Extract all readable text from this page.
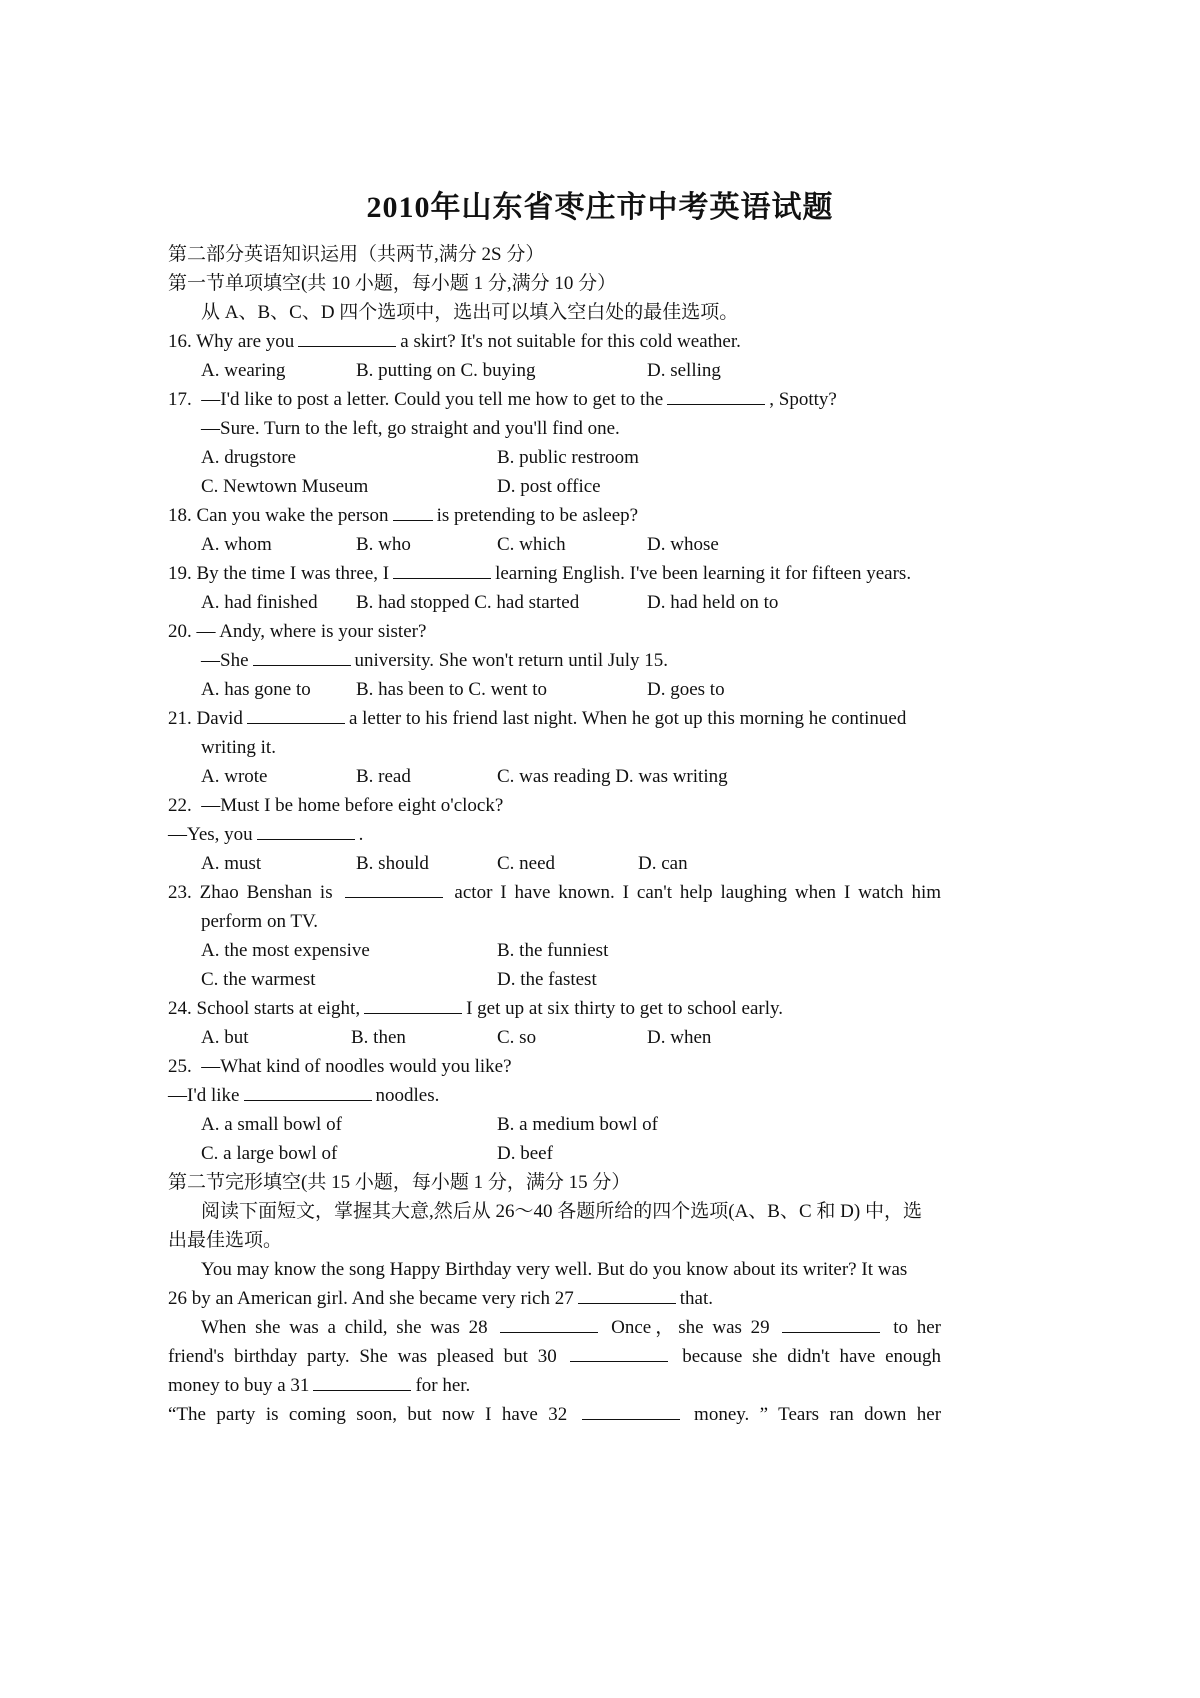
2010年山东省枣庄市中考英语试题
第二部分英语知识运用（共两节,满分 2S 分）
第一节单项填空(共 10 小题，每小题 1 分,满分 10 分）
从 A、B、C、D 四个选项中，选出可以填入空白处的最佳选项。
16. Why are you	a skirt? It's not suitable for this cold weather.
A. wearing	B. putting on C. buying	D. selling
17.  —I'd like to post a letter. Could you tell me how to get to the	, Spotty?
—Sure. Turn to the left, go straight and you'll find one.
A. drugstore	B. public restroom
C. Newtown Museum	D. post office
18. Can you wake the person	is pretending to be asleep?
A. whom	B. who	C. which	D. whose
19. By the time I was three, I	learning English. I've been learning it for fifteen years.
A. had finished B. had stopped C. had started	D. had held on to
20. — Andy, where is your sister?
—She	university. She won't return until July 15.
A. has gone to B. has been to C. went to	D. goes to
21. David	a letter to his friend last night. When he got up this morning he continued
writing it.
A. wrote	B. read	C. was reading D. was writing
22.  —Must I be home before eight o'clock?
—Yes, you	.
A. must	B. should	C. need	D. can
23. Zhao Benshan is	actor I have known. I can't help laughing when I watch him
perform on TV.
A. the most expensive	B. the funniest
C. the warmest	D. the fastest
24. School starts at eight,	I get up at six thirty to get to school early.
A. but	B. then	C. so	D. when
25.  —What kind of noodles would you like?
—I'd like	noodles.
A. a small bowl of	B. a medium bowl of
C. a large bowl of	D. beef
第二节完形填空(共 15 小题，每小题 1 分，满分 15 分）
阅读下面短文，掌握其大意,然后从 26～40 各题所给的四个选项(A、B、C 和 D) 中，选
出最佳选项。
You may know the song Happy Birthday very well. But do you know about its writer? It was
26 by an American girl. And she became very rich 27	that.
When she was a child, she was 28	Once，she was 29	to her
friend's birthday party. She was pleased but 30	because she didn't have enough
money to buy a 31	for her.
“The party is coming soon, but now I have 32	money. ” Tears ran down her
